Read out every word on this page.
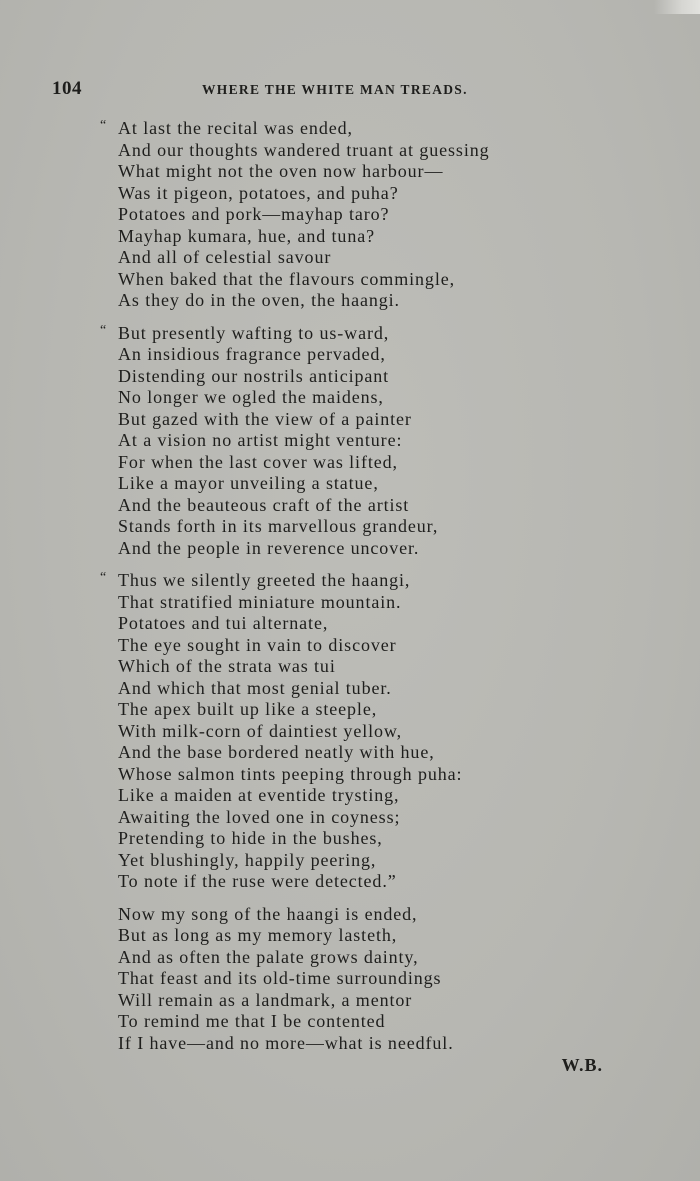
104	WHERE THE WHITE MAN TREADS.
“ At last the recital was ended,
And our thoughts wandered truant at guessing
What might not the oven now harbour—
Was it pigeon, potatoes, and puha?
Potatoes and pork—mayhap taro?
Mayhap kumara, hue, and tuna?
And all of celestial savour
When baked that the flavours commingle,
As they do in the oven, the haangi.
“ But presently wafting to us-ward,
An insidious fragrance pervaded,
Distending our nostrils anticipant
No longer we ogled the maidens,
But gazed with the view of a painter
At a vision no artist might venture:
For when the last cover was lifted,
Like a mayor unveiling a statue,
And the beauteous craft of the artist
Stands forth in its marvellous grandeur,
And the people in reverence uncover.
“ Thus we silently greeted the haangi,
That stratified miniature mountain.
Potatoes and tui alternate,
The eye sought in vain to discover
Which of the strata was tui
And which that most genial tuber.
The apex built up like a steeple,
With milk-corn of daintiest yellow,
And the base bordered neatly with hue,
Whose salmon tints peeping through puha:
Like a maiden at eventide trysting,
Awaiting the loved one in coyness;
Pretending to hide in the bushes,
Yet blushingly, happily peering,
To note if the ruse were detected.”
Now my song of the haangi is ended,
But as long as my memory lasteth,
And as often the palate grows dainty,
That feast and its old-time surroundings
Will remain as a landmark, a mentor
To remind me that I be contented
If I have—and no more—what is needful.
W.B.
